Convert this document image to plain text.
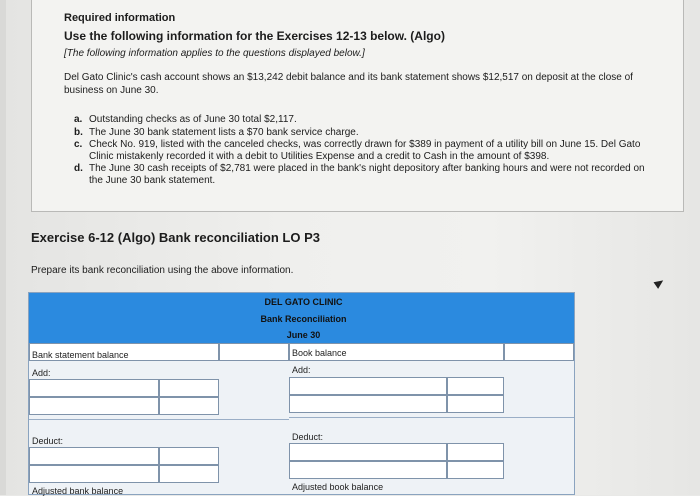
Required information
Use the following information for the Exercises 12-13 below. (Algo)
[The following information applies to the questions displayed below.]
Del Gato Clinic's cash account shows an $13,242 debit balance and its bank statement shows $12,517 on deposit at the close of business on June 30.
a. Outstanding checks as of June 30 total $2,117.
b. The June 30 bank statement lists a $70 bank service charge.
c. Check No. 919, listed with the canceled checks, was correctly drawn for $389 in payment of a utility bill on June 15. Del Gato Clinic mistakenly recorded it with a debit to Utilities Expense and a credit to Cash in the amount of $398.
d. The June 30 cash receipts of $2,781 were placed in the bank's night depository after banking hours and were not recorded on the June 30 bank statement.
Exercise 6-12 (Algo) Bank reconciliation LO P3
Prepare its bank reconciliation using the above information.
DEL GATO CLINIC
Bank Reconciliation
June 30
Bank statement balance
Add:
Deduct:
Adjusted bank balance
Book balance
Add:
Deduct:
Adjusted book balance
